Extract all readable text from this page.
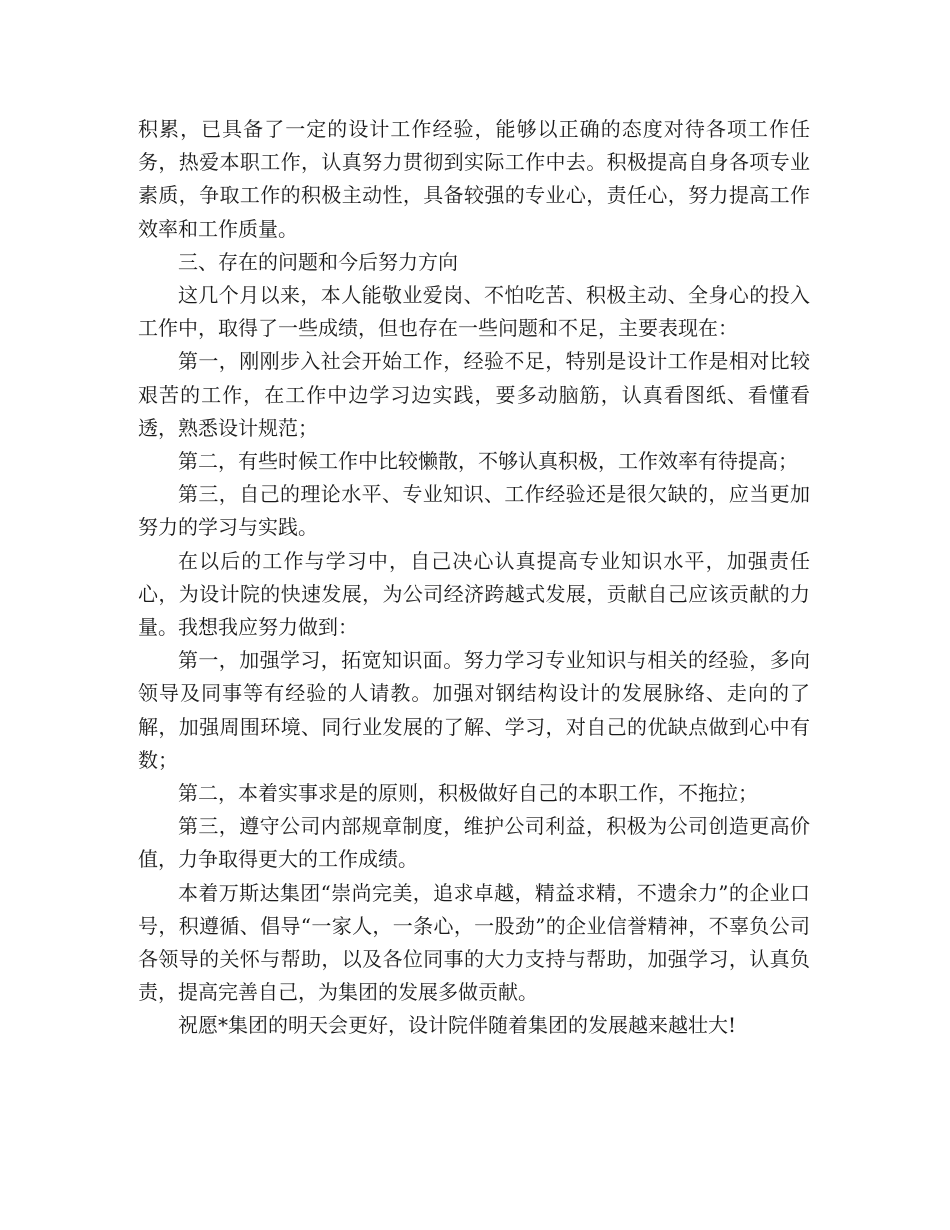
积累，已具备了一定的设计工作经验，能够以正确的态度对待各项工作任务，热爱本职工作，认真努力贯彻到实际工作中去。积极提高自身各项专业素质，争取工作的积极主动性，具备较强的专业心，责任心，努力提高工作效率和工作质量。

三、存在的问题和今后努力方向

这几个月以来，本人能敬业爱岗、不怕吃苦、积极主动、全身心的投入工作中，取得了一些成绩，但也存在一些问题和不足，主要表现在：

第一，刚刚步入社会开始工作，经验不足，特别是设计工作是相对比较艰苦的工作，在工作中边学习边实践，要多动脑筋，认真看图纸、看懂看透，熟悉设计规范；

第二，有些时候工作中比较懒散，不够认真积极，工作效率有待提高；

第三，自己的理论水平、专业知识、工作经验还是很欠缺的，应当更加努力的学习与实践。

在以后的工作与学习中，自己决心认真提高专业知识水平，加强责任心，为设计院的快速发展，为公司经济跨越式发展，贡献自己应该贡献的力量。我想我应努力做到：

第一，加强学习，拓宽知识面。努力学习专业知识与相关的经验，多向领导及同事等有经验的人请教。加强对钢结构设计的发展脉络、走向的了解，加强周围环境、同行业发展的了解、学习，对自己的优缺点做到心中有数；

第二，本着实事求是的原则，积极做好自己的本职工作，不拖拉；

第三，遵守公司内部规章制度，维护公司利益，积极为公司创造更高价值，力争取得更大的工作成绩。

本着万斯达集团“崇尚完美，追求卓越，精益求精，不遗余力”的企业口号，积遵循、倡导“一家人，一条心，一股劲”的企业信誉精神，不辜负公司各领导的关怀与帮助，以及各位同事的大力支持与帮助，加强学习，认真负责，提高完善自己，为集团的发展多做贡献。

祝愿*集团的明天会更好，设计院伴随着集团的发展越来越壮大!
